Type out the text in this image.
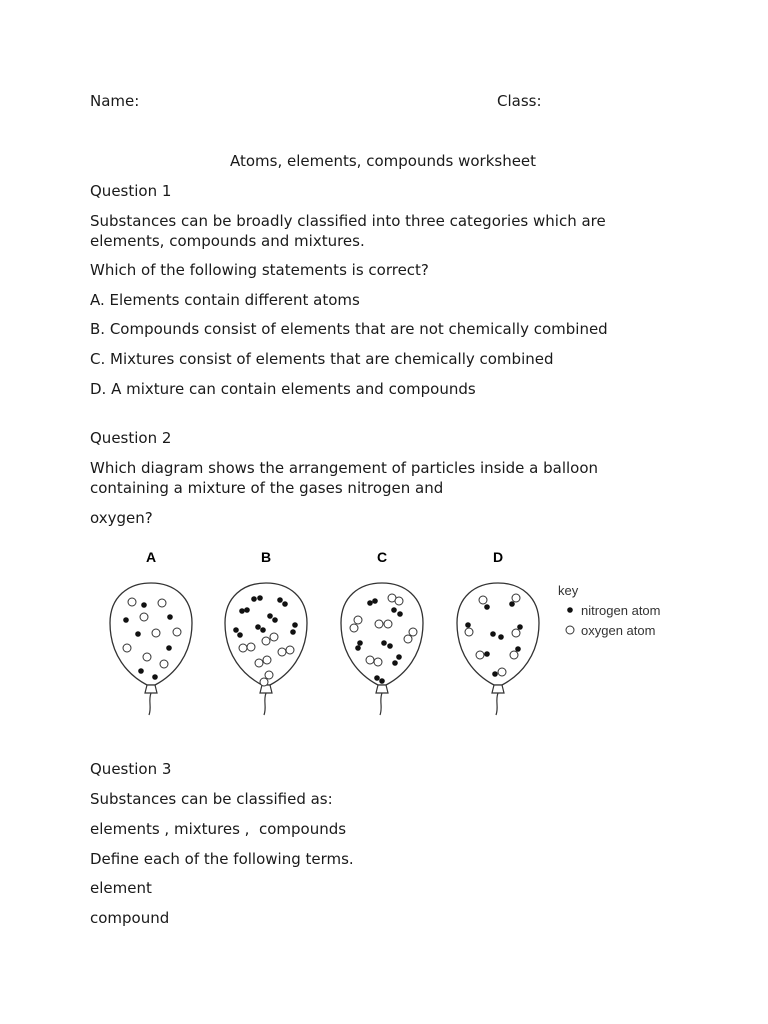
Name:	Class:
Atoms, elements, compounds worksheet
Question 1
Substances can be broadly classified into three categories which are elements, compounds and mixtures.
Which of the following statements is correct?
A. Elements contain different atoms
B. Compounds consist of elements that are not chemically combined
C. Mixtures consist of elements that are chemically combined
D. A mixture can contain elements and compounds
Question 2
Which diagram shows the arrangement of particles inside a balloon containing a mixture of the gases nitrogen and
oxygen?
A	B	C	D
key
nitrogen atom
oxygen atom
Question 3
Substances can be classified as:
elements , mixtures ,  compounds
Define each of the following terms.
element
compound
